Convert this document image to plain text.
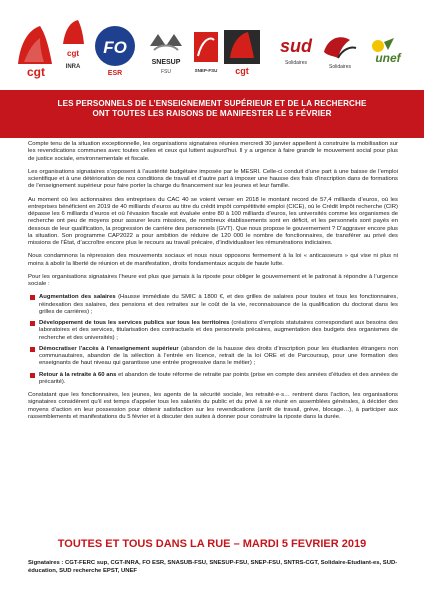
cgt
cgt
INRA
FO
ESR
SNESUP
FSU	SNEP-FSU cgt
sud
Solidaires
Solidaires
unef
LES PERSONNELS DE L’ENSEIGNEMENT SUPÉRIEUR ET DE LA RECHERCHE
ONT TOUTES LES RAISONS DE MANIFESTER LE 5 FÉVRIER

Compte tenu de la situation exceptionnelle, les organisations signataires réunies mercredi 30 janvier appellent à construire la mobilisation sur les revendications communes avec toutes celles et ceux qui luttent aujourd’hui. Il y a urgence à faire grandir le mouvement social pour plus de justice sociale, environnementale et fiscale.

Les organisations signataires s’opposent à l’austérité budgétaire imposée par le MESRI. Celle-ci conduit d’une part à une baisse de l’emploi scientifique et à une détérioration de nos conditions de travail et d’autre part à imposer une hausse des frais d’inscription dans de formations de l’enseignement supérieur pour faire porter la charge du financement sur les jeunes et leur famille.

Au moment où les actionnaires des entreprises du CAC 40 se voient verser en 2018 le montant record de 57,4 milliards d’euros, où les entreprises bénéficient en 2019 de 40 milliards d’euros au titre du crédit impôt compétitivité emploi (CICE), où le Crédit Impôt recherche (CIR) dépasse les 6 milliards d’euros et où l’évasion fiscale est évaluée entre 80 à 100 milliards d’euros, les universités comme les organismes de recherche ont peu de moyens pour assurer leurs missions, de nombreux établissements sont en déficit, et les personnels sont payés en dessous de leur qualification, la progression de carrière des personnels (GVT). Que nous propose le gouvernement ? D’aggraver encore plus la situation. Son programme CAP2022 a pour ambition de réduire de 120 000 le nombre de fonctionnaires, de transférer au privé des missions de l’État, d’accroître encore plus le recours au travail précaire, d’individualiser les rémunérations indiciaires.

Nous condamnons la répression des mouvements sociaux et nous nous opposons fermement à la loi « anticasseurs » qui vise ni plus ni moins à abolir la liberté de réunion et de manifestation, droits fondamentaux acquis de haute lutte.

Pour les organisations signataires l’heure est plus que jamais à la riposte pour obliger le gouvernement et le patronat à répondre à l’urgence sociale :

Augmentation des salaires (Hausse immédiate du SMIC à 1800 €, et des grilles de salaires pour toutes et tous les fonctionnaires, réindexation des salaires, des pensions et des retraites sur le coût de la vie, reconnaissance de la qualification du doctorat dans les grilles de carrières) ;
Développement de tous les services publics sur tous les territoires (créations d’emplois statutaires correspondant aux besoins des laboratoires et des services, titularisation des contractuels et des personnels précaires, augmentation des budgets des organismes de recherche et des universités) ;
Démocratiser l’accès à l’enseignement supérieur (abandon de la hausse des droits d’inscription pour les étudiantes étrangers non communautaires, abandon de la sélection à l’entrée en licence, retrait de la loi ORE et de Parcoursup, pour une formation des enseignants de haut niveau qui garantisse une entrée progressive dans le métier) ;
Retour à la retraite à 60 ans et abandon de toute réforme de retraite par points (prise en compte des années d’études et des années de précarité).

Constatant que les fonctionnaires, les jeunes, les agents de la sécurité sociale, les retraité·e·s… rentrent dans l’action, les organisations signataires considèrent qu’il est temps d’appeler tous les salariés du public et du privé à se réunir en assemblées générales, à décider des moyens d’action en leur possession pour obtenir satisfaction sur les revendications (arrêt de travail, grève, blocage…), à participer aux rassemblements et manifestations du 5 février et à discuter des suites à donner pour construire la riposte dans la durée.

TOUTES ET TOUS DANS LA RUE – MARDI 5 FEVRIER 2019
Signataires : CGT-FERC sup, CGT-INRA, FO ESR, SNASUB-FSU, SNESUP-FSU, SNEP-FSU, SNTRS-CGT, Solidaire-Etudiant-es, SUD-éducation, SUD recherche EPST, UNEF
